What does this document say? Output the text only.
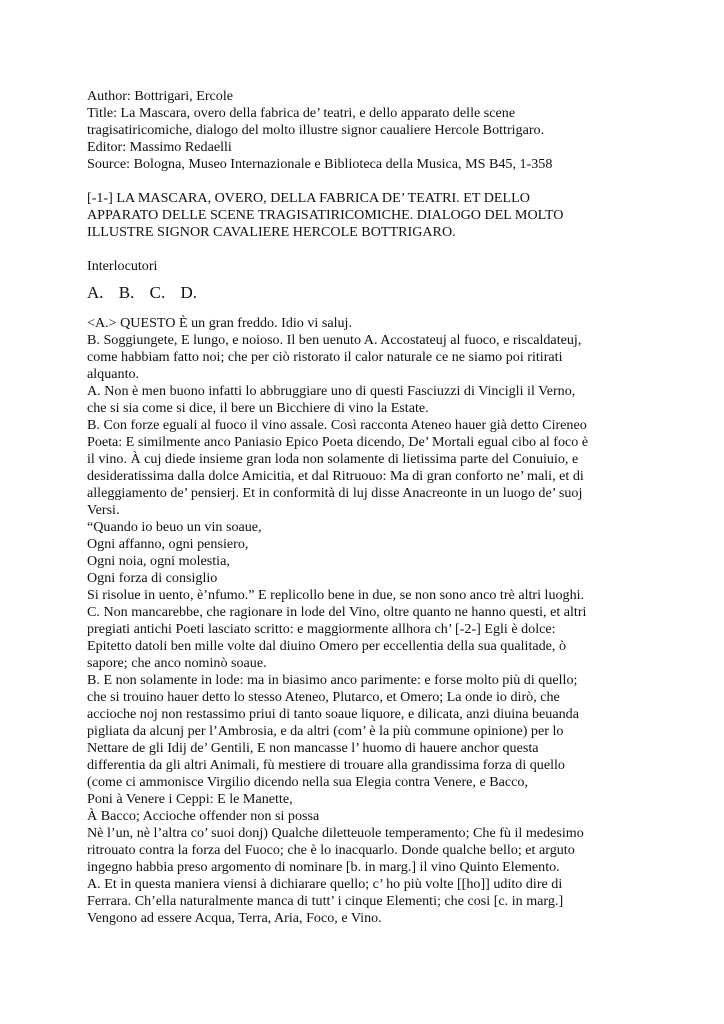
Author: Bottrigari, Ercole
Title: La Mascara, overo della fabrica de’ teatri, e dello apparato delle scene
tragisatiricomiche, dialogo del molto illustre signor caualiere Hercole Bottrigaro.
Editor: Massimo Redaelli
Source: Bologna, Museo Internazionale e Biblioteca della Musica, MS B45, 1-358
[-1-] LA MASCARA, OVERO, DELLA FABRICA DE’ TEATRI. ET DELLO
APPARATO DELLE SCENE TRAGISATIRICOMICHE. DIALOGO DEL MOLTO
ILLUSTRE SIGNOR CAVALIERE HERCOLE BOTTRIGARO.
Interlocutori
A. B. C. D.
<A.> QUESTO È un gran freddo. Idio vi saluj.
B. Soggiungete, E lungo, e noioso. Il ben uenuto A. Accostateuj al fuoco, e riscaldateuj,
come habbiam fatto noi; che per ciò ristorato il calor naturale ce ne siamo poi ritirati
alquanto.
A. Non è men buono infatti lo abbruggiare uno di questi Fasciuzzi di Vincigli il Verno,
che si sia come si dice, il bere un Bicchiere di vino la Estate.
B. Con forze eguali al fuoco il vino assale. Così racconta Ateneo hauer già detto Cireneo
Poeta: E similmente anco Paniasio Epico Poeta dicendo, De’ Mortali egual cibo al foco è
il vino. À cuj diede insieme gran loda non solamente di lietissima parte del Conuiuio, e
desideratissima dalla dolce Amicitia, et dal Ritruouo: Ma di gran conforto ne’ mali, et di
alleggiamento de’ pensierj. Et in conformità di luj disse Anacreonte in un luogo de’ suoj
Versi.
“Quando io beuo un vin soaue,
Ogni affanno, ogni pensiero,
Ogni noia, ogni molestia,
Ogni forza di consiglio
Si risolue in uento, è’nfumo.” E replicollo bene in due, se non sono anco trè altri luoghi.
C. Non mancarebbe, che ragionare in lode del Vino, oltre quanto ne hanno questi, et altri
pregiati antichi Poeti lasciato scritto: e maggiormente allhora ch’ [-2-] Egli è dolce:
Epitetto datoli ben mille volte dal diuino Omero per eccellentia della sua qualitade, ò
sapore; che anco nominò soaue.
B. E non solamente in lode: ma in biasimo anco parimente: e forse molto più di quello;
che si trouino hauer detto lo stesso Ateneo, Plutarco, et Omero; La onde io dirò, che
accioche noj non restassimo priui di tanto soaue liquore, e dilicata, anzi diuina beuanda
pigliata da alcunj per l’Ambrosia, e da altri (com’ è la più commune opinione) per lo
Nettare de gli Idij de’ Gentili, E non mancasse l’ huomo di hauere anchor questa
differentia da gli altri Animali, fù mestiere di trouare alla grandissima forza di quello
(come ci ammonisce Virgilio dicendo nella sua Elegia contra Venere, e Bacco,
Poni à Venere i Ceppi: E le Manette,
À Bacco; Accioche offender non si possa
Nè l’un, nè l’altra co’ suoi donj) Qualche diletteuole temperamento; Che fù il medesimo
ritrouato contra la forza del Fuoco; che è lo inacquarlo. Donde qualche bello; et arguto
ingegno habbia preso argomento di nominare [b. in marg.] il vino Quinto Elemento.
A. Et in questa maniera viensi à dichiarare quello; c’ ho più volte [[ho]] udito dire di
Ferrara. Ch’ella naturalmente manca di tutt’ i cinque Elementi; che cosi [c. in marg.]
Vengono ad essere Acqua, Terra, Aria, Foco, e Vino.
